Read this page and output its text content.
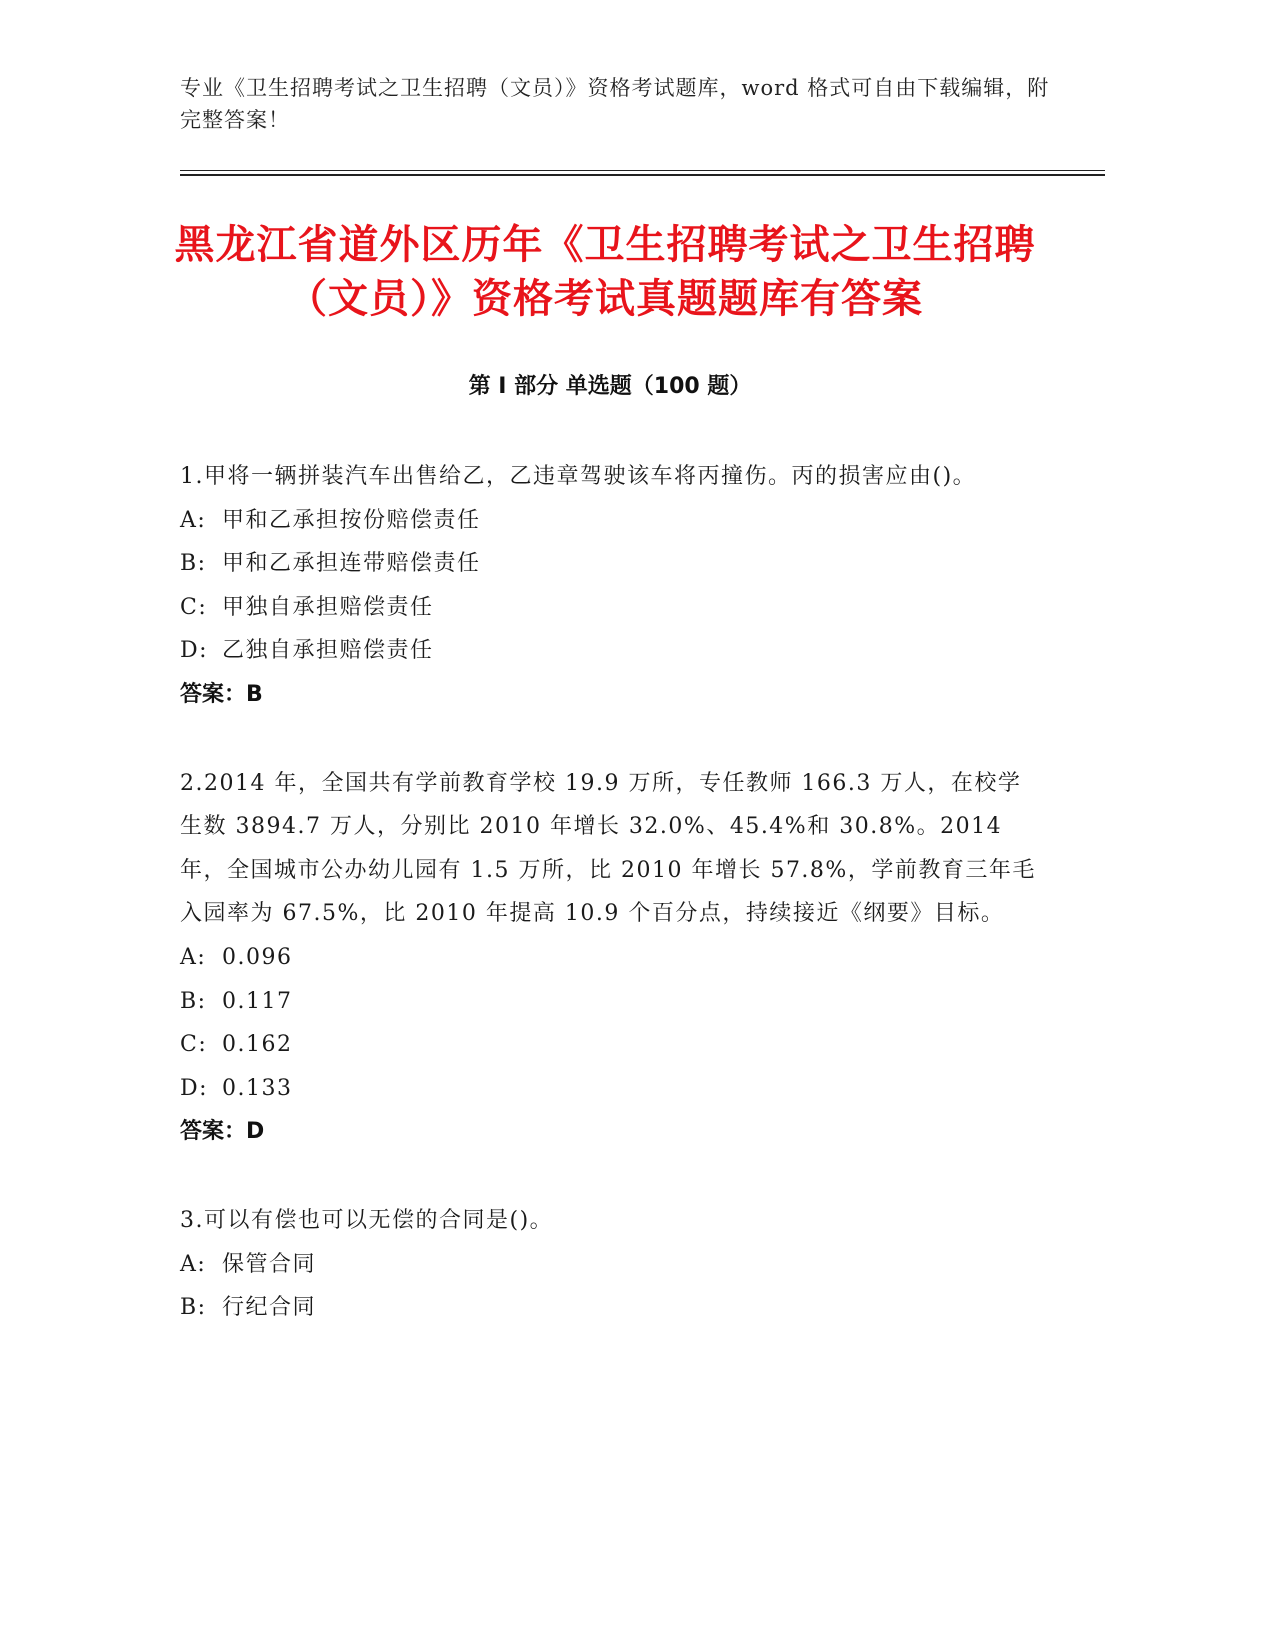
专业《卫生招聘考试之卫生招聘（文员）》资格考试题库，word 格式可自由下载编辑，附完整答案！
黑龙江省道外区历年《卫生招聘考试之卫生招聘（文员）》资格考试真题题库有答案
第 I 部分 单选题（100 题）
1.甲将一辆拼装汽车出售给乙，乙违章驾驶该车将丙撞伤。丙的损害应由()。
A: 甲和乙承担按份赔偿责任
B: 甲和乙承担连带赔偿责任
C: 甲独自承担赔偿责任
D: 乙独自承担赔偿责任
答案：B
2.2014 年，全国共有学前教育学校 19.9 万所，专任教师 166.3 万人，在校学生数 3894.7 万人，分别比 2010 年增长 32.0%、45.4%和 30.8%。2014 年，全国城市公办幼儿园有 1.5 万所，比 2010 年增长 57.8%，学前教育三年毛入园率为 67.5%，比 2010 年提高 10.9 个百分点，持续接近《纲要》目标。
A: 0.096
B: 0.117
C: 0.162
D: 0.133
答案：D
3.可以有偿也可以无偿的合同是()。
A: 保管合同
B: 行纪合同
